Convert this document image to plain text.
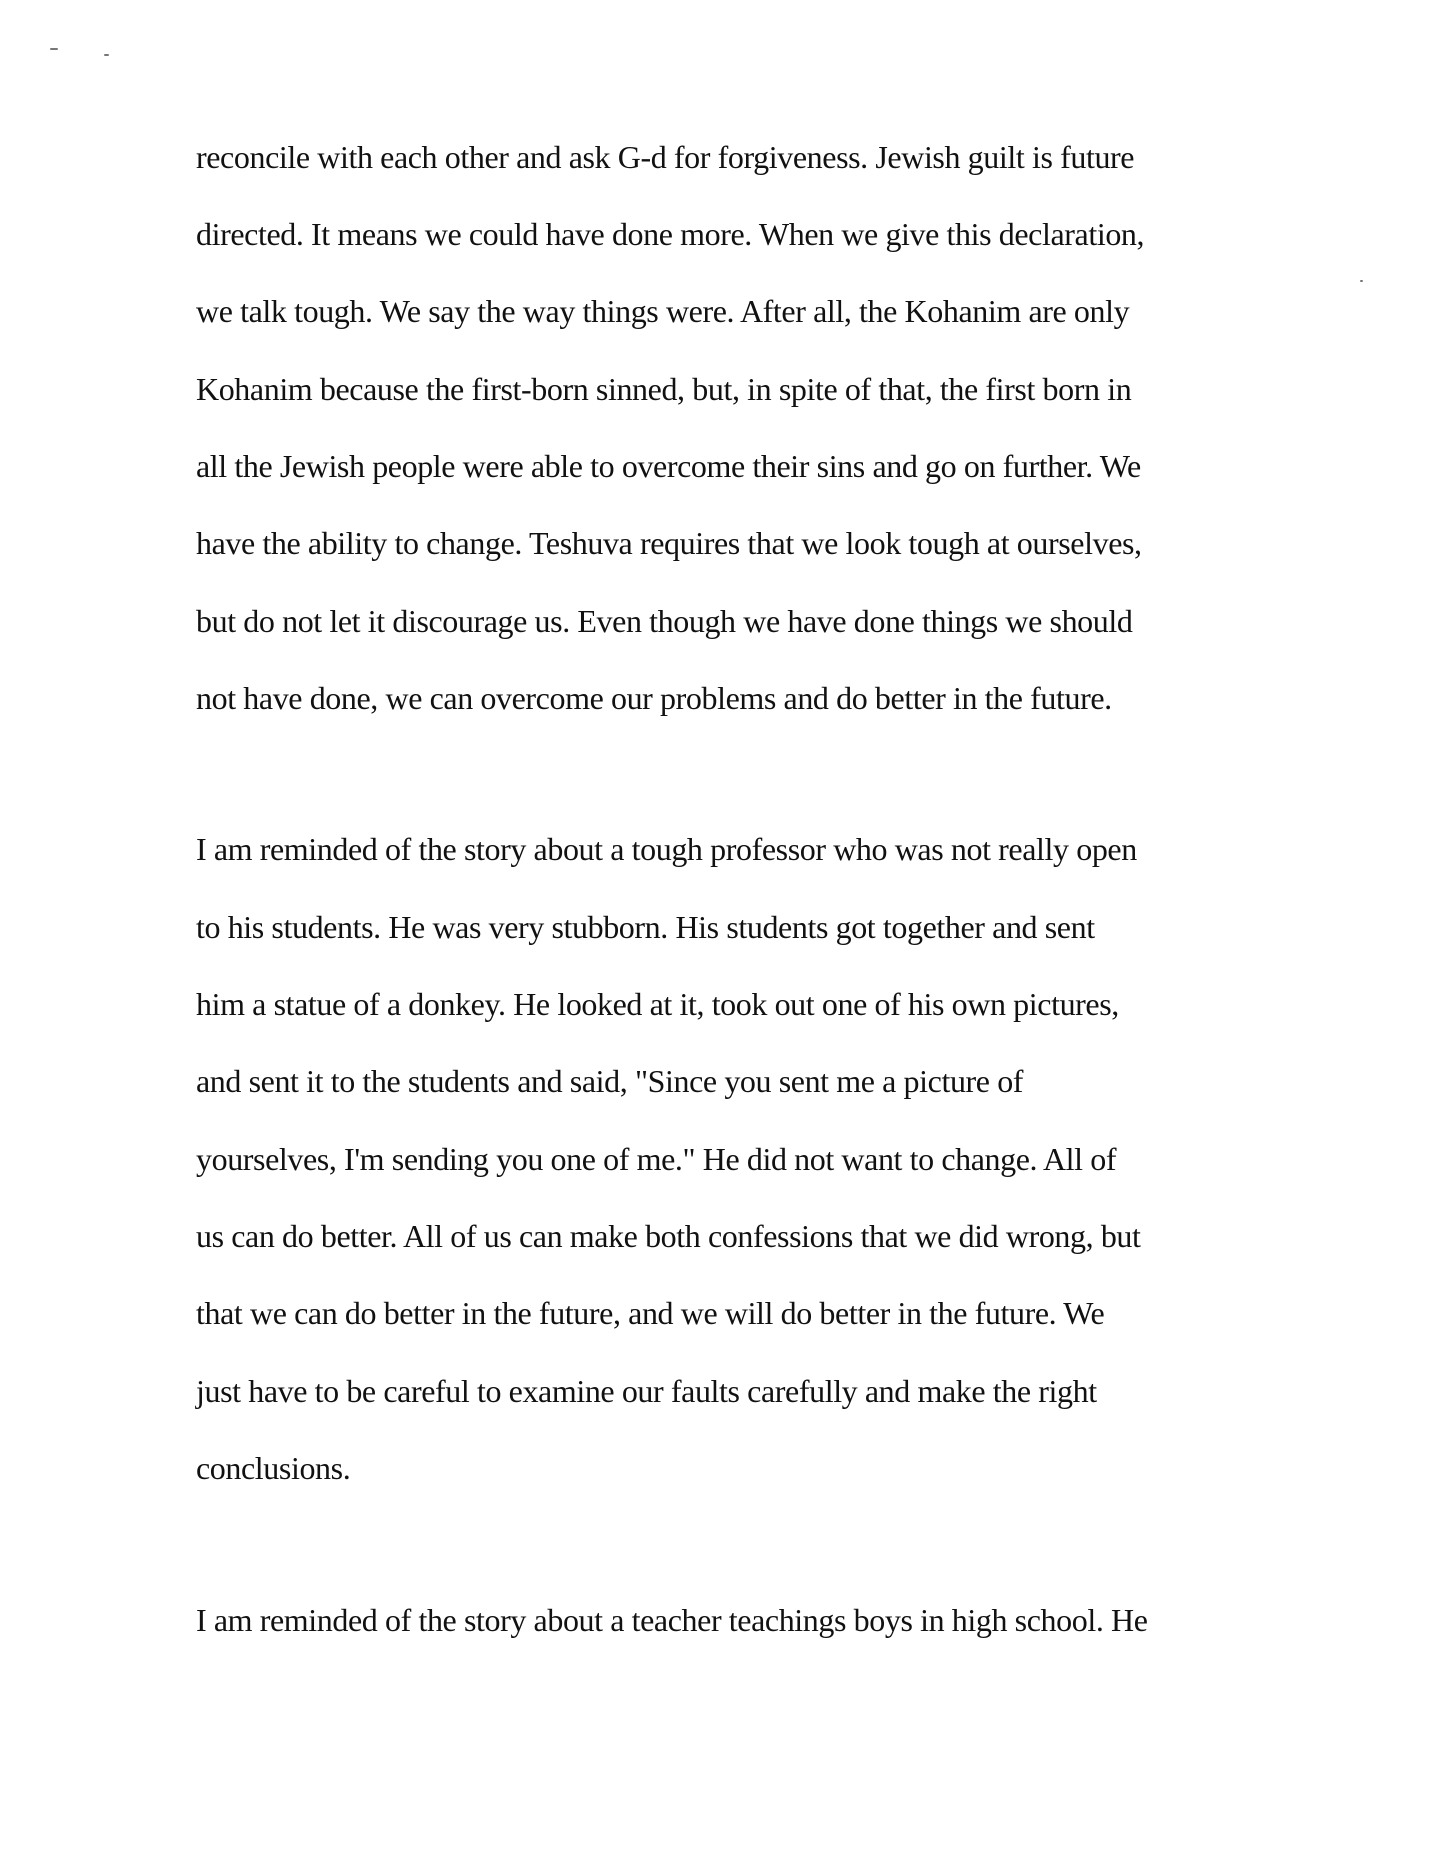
reconcile with each other and ask G-d for forgiveness. Jewish guilt is future
directed. It means we could have done more. When we give this declaration,
we talk tough. We say the way things were. After all, the Kohanim are only
Kohanim because the first-born sinned, but, in spite of that, the first born in
all the Jewish people were able to overcome their sins and go on further. We
have the ability to change. Teshuva requires that we look tough at ourselves,
but do not let it discourage us. Even though we have done things we should
not have done, we can overcome our problems and do better in the future.
I am reminded of the story about a tough professor who was not really open
to his students. He was very stubborn. His students got together and sent
him a statue of a donkey. He looked at it, took out one of his own pictures,
and sent it to the students and said, "Since you sent me a picture of
yourselves, I'm sending you one of me." He did not want to change. All of
us can do better. All of us can make both confessions that we did wrong, but
that we can do better in the future, and we will do better in the future. We
just have to be careful to examine our faults carefully and make the right
conclusions.
I am reminded of the story about a teacher teachings boys in high school. He
